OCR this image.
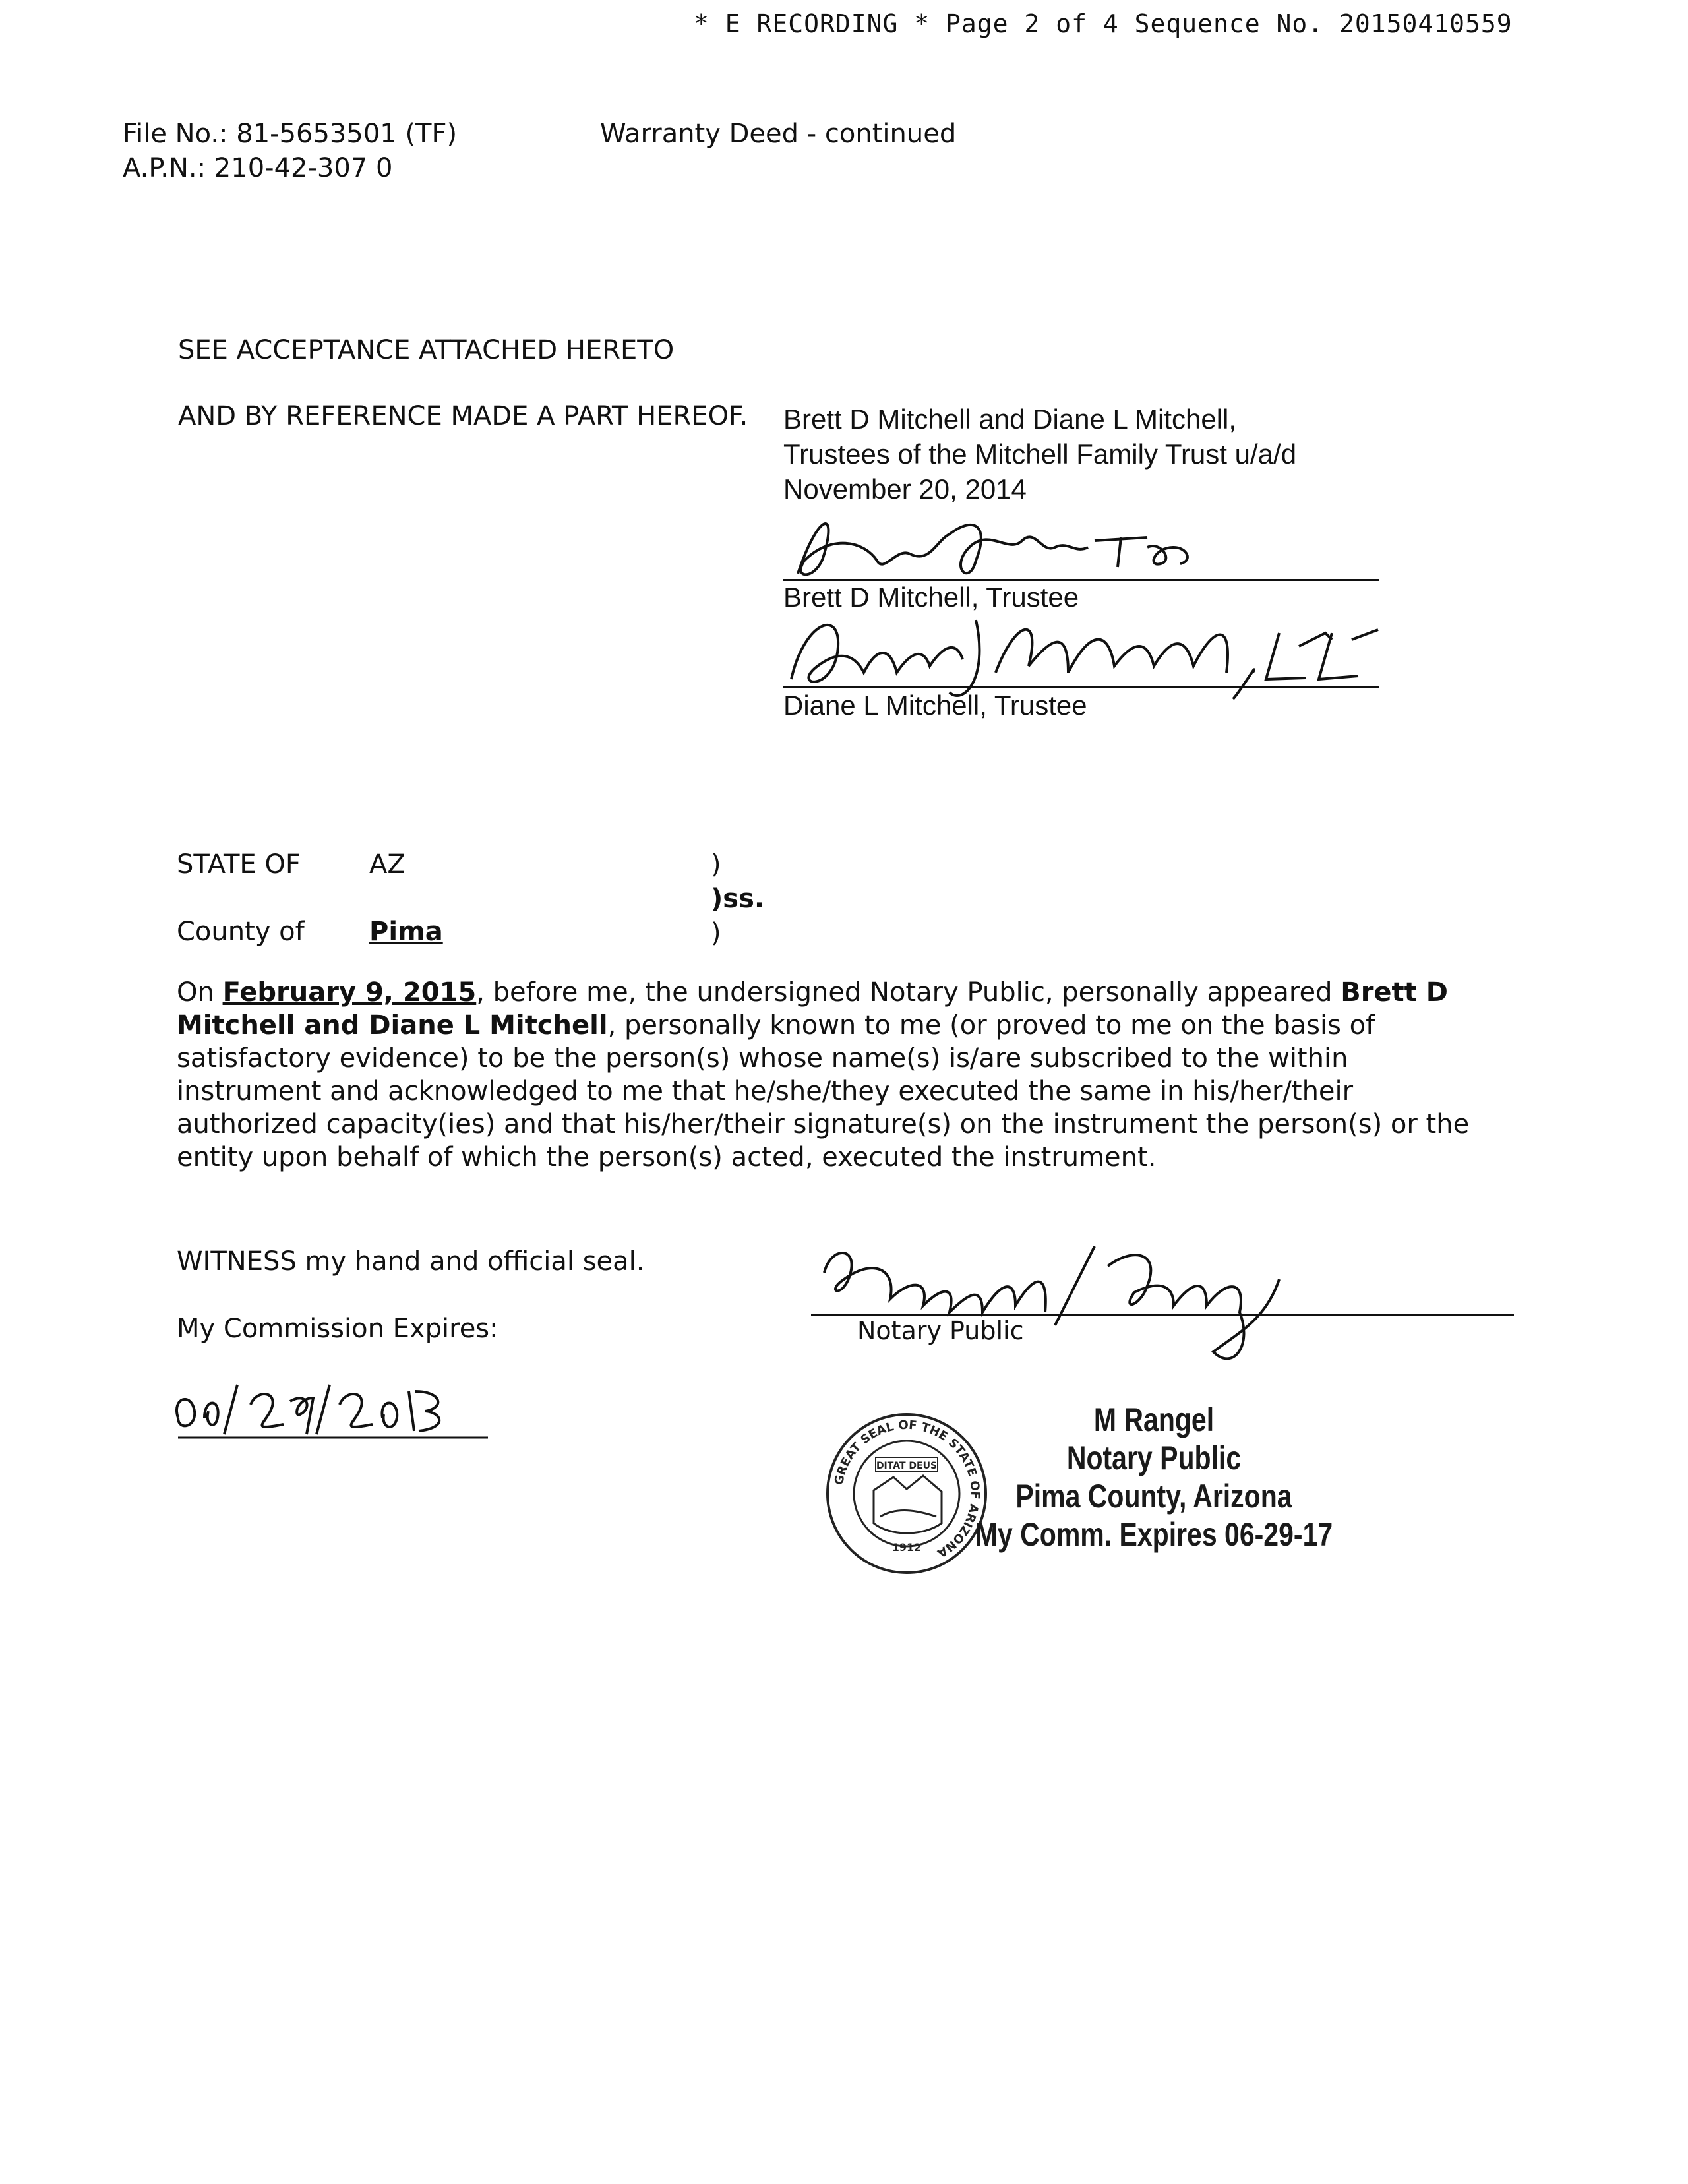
* E RECORDING * Page 2 of 4 Sequence No. 20150410559
File No.: 81-5653501 (TF)
A.P.N.: 210-42-307 0
Warranty Deed - continued
SEE ACCEPTANCE ATTACHED HERETO
AND BY REFERENCE MADE A PART HEREOF. Brett D Mitchell and Diane L Mitchell,
Trustees of the Mitchell Family Trust u/a/d
November 20, 2014
Brett D Mitchell, Trustee
Diane L Mitchell, Trustee
STATE OF	AZ
County of Pima
)
)ss.
)
On February 9, 2015, before me, the undersigned Notary Public, personally appeared Brett D Mitchell and Diane L Mitchell, personally known to me (or proved to me on the basis of satisfactory evidence) to be the person(s) whose name(s) is/are subscribed to the within instrument and acknowledged to me that he/she/they executed the same in his/her/their authorized capacity(ies) and that his/her/their signature(s) on the instrument the person(s) or the entity upon behalf of which the person(s) acted, executed the instrument.
WITNESS my hand and official seal.
My Commission Expires:	Notary Public
GREAT SEAL OF THE STATE OF ARIZONA
DITAT DEUS
1912
M Rangel
Notary Public
Pima County, Arizona
My Comm. Expires 06-29-17
